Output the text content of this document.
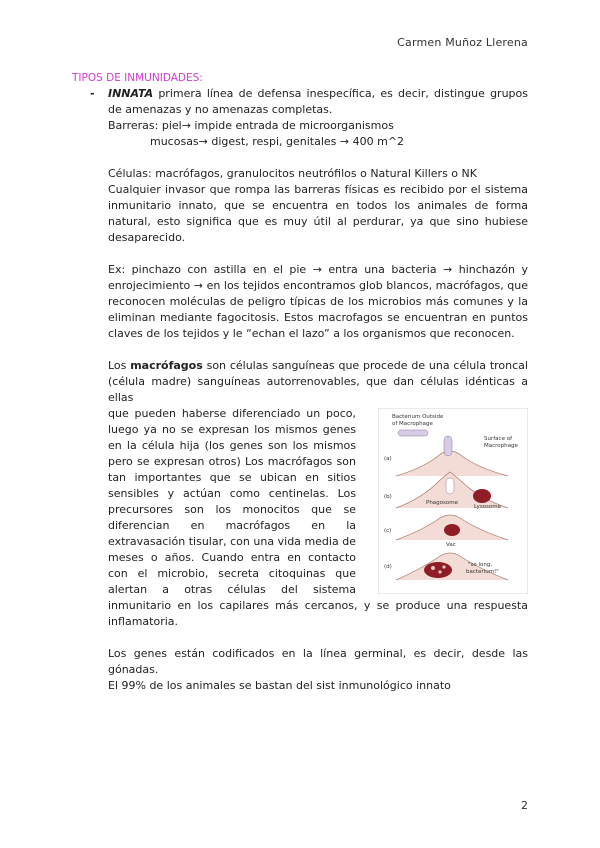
Carmen Muñoz Llerena
TIPOS DE INMUNIDADES:
- INNATA primera línea de defensa inespecífica, es decir, distingue grupos de amenazas y no amenazas completas.

Barreras: piel→ impide entrada de microorganismos

mucosas→ digest, respi, genitales → 400 m^2

Células: macrófagos, granulocitos neutrófilos o Natural Killers o NK

Cualquier invasor que rompa las barreras físicas es recibido por el sistema inmunitario innato, que se encuentra en todos los animales de forma natural, esto significa que es muy útil al perdurar, ya que sino hubiese desaparecido.

Ex: pinchazo con astilla en el pie → entra una bacteria → hinchazón y enrojecimiento → en los tejidos encontramos glob blancos, macrófagos, que reconocen moléculas de peligro típicas de los microbios más comunes y la eliminan mediante fagocitosis. Estos macrofagos se encuentran en puntos claves de los tejidos y le “echan el lazo” a los organismos que reconocen.

Los macrófagos son células sanguíneas que procede de una célula troncal (célula madre) sanguíneas autorrenovables, que dan células idénticas a ellas

Bacterium Outside
of Macrophage
Surface of
Macrophage
(a)
(b)
Phagosome
Lysosome
(c)
Vac
(d)	"so long,
bacterium!"

que pueden haberse diferenciado un poco, luego ya no se expresan los mismos genes en la célula hija (los genes son los mismos pero se expresan otros) Los macrófagos son tan importantes que se ubican en sitios sensibles y actúan como centinelas. Los precursores son los monocitos que se diferencian en macrófagos en la extravasación tisular, con una vida media de meses o años. Cuando entra en contacto con el microbio, secreta citoquinas que alertan a otras células del sistema inmunitario en los capilares más cercanos, y se produce una respuesta inflamatoria.

Los genes están codificados en la línea germinal, es decir, desde las gónadas.

El 99% de los animales se bastan del sist inmunológico innato

2
